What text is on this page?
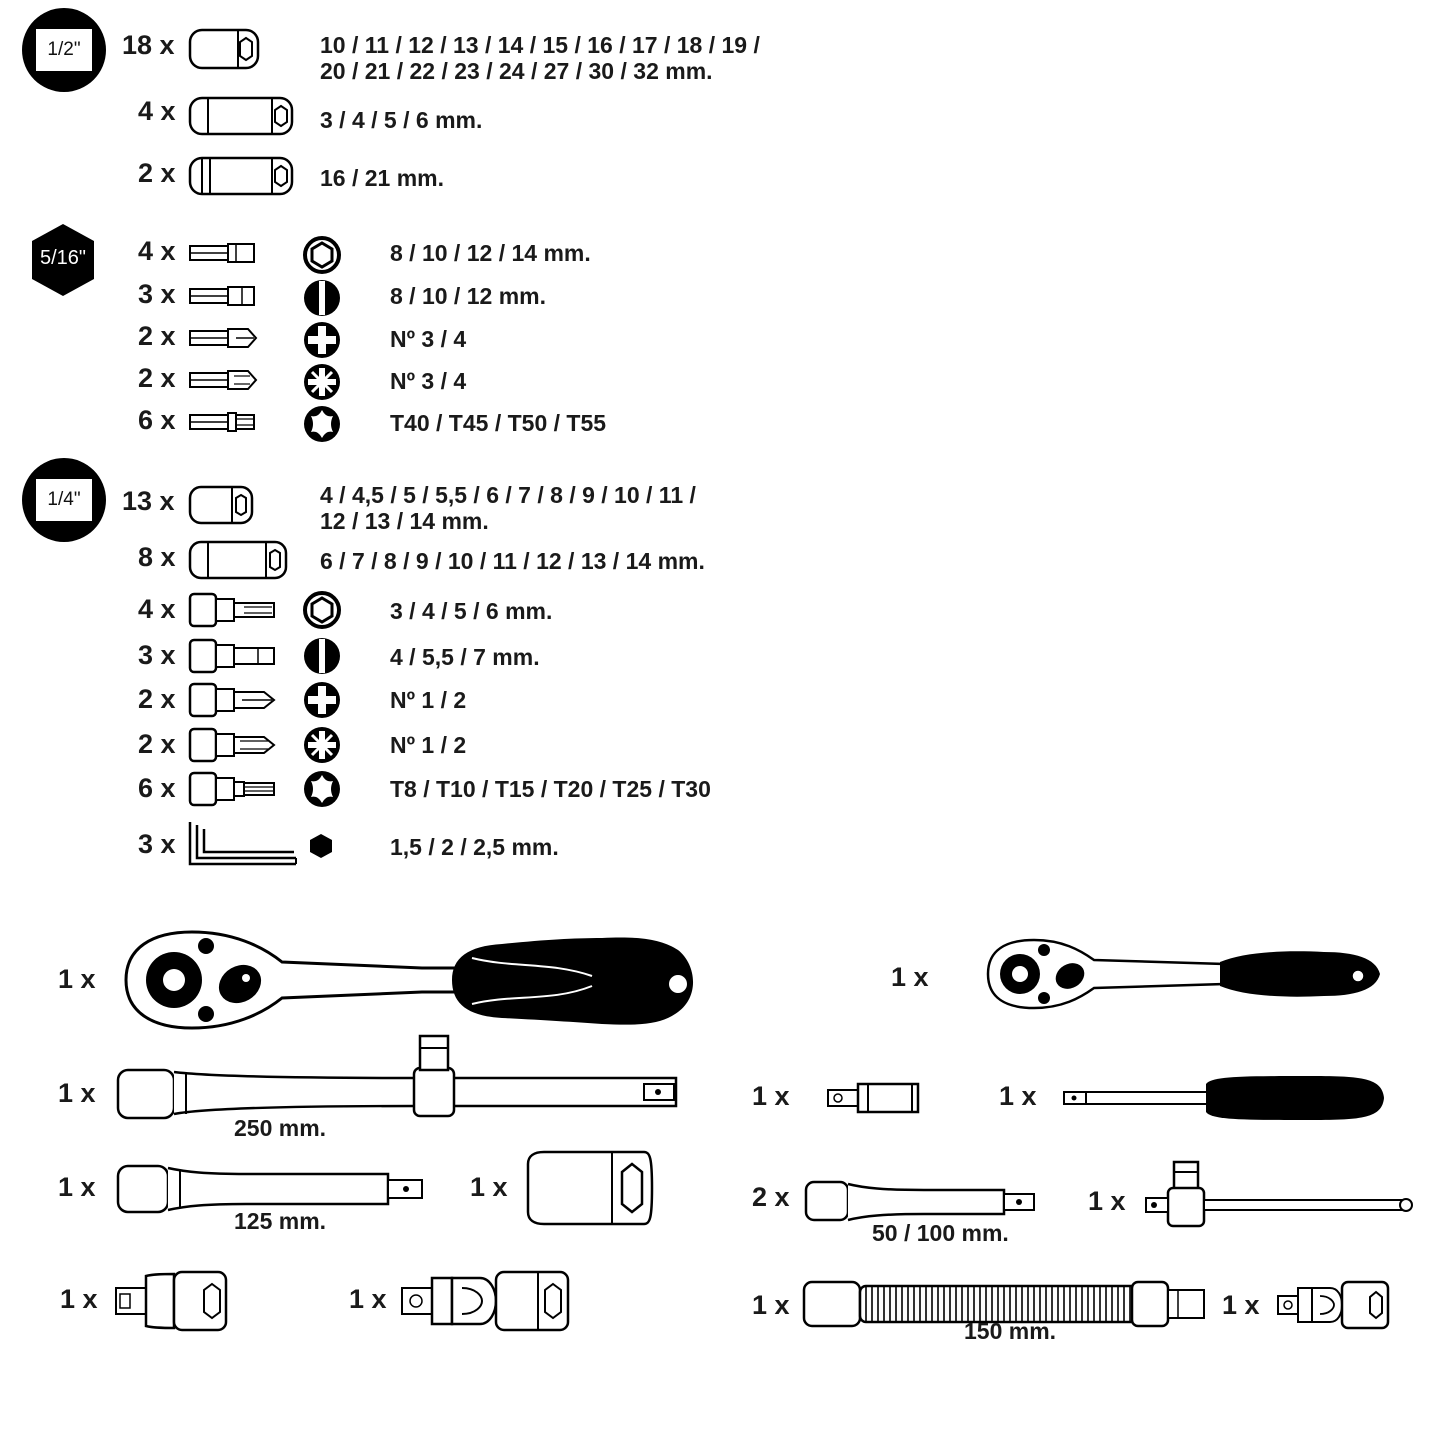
1/2"	18 x	10 / 11 / 12 / 13 / 14 / 15 / 16 / 17 / 18 / 19 /
20 / 21 / 22 / 23 / 24 / 27 / 30 / 32 mm.
4 x	3 / 4 / 5 / 6 mm.
2 x	16 / 21 mm.
5/16"	4 x	8 / 10 / 12 / 14 mm.
3 x	8 / 10 / 12 mm.
2 x	Nº 3 / 4
2 x	Nº 3 / 4
6 x	T40 / T45 / T50 / T55
1/4"	13 x	4 / 4,5 / 5 / 5,5 / 6 / 7 / 8 / 9 / 10 / 11 /
12 / 13 / 14 mm.
8 x	6 / 7 / 8 / 9 / 10 / 11 / 12 / 13 / 14 mm.
4 x	3 / 4 / 5 / 6 mm.
3 x	4 / 5,5 / 7 mm.
2 x	Nº 1 / 2
2 x	Nº 1 / 2
6 x	T8 / T10 / T15 / T20 / T25 / T30
3 x	1,5 / 2 / 2,5 mm.
1 x	1 x
1 x
250 mm.
1 x	1 x
1 x
125 mm.
1 x	2 x
50 / 100 mm.
1 x
1 x	1 x	1 x
150 mm.
1 x
